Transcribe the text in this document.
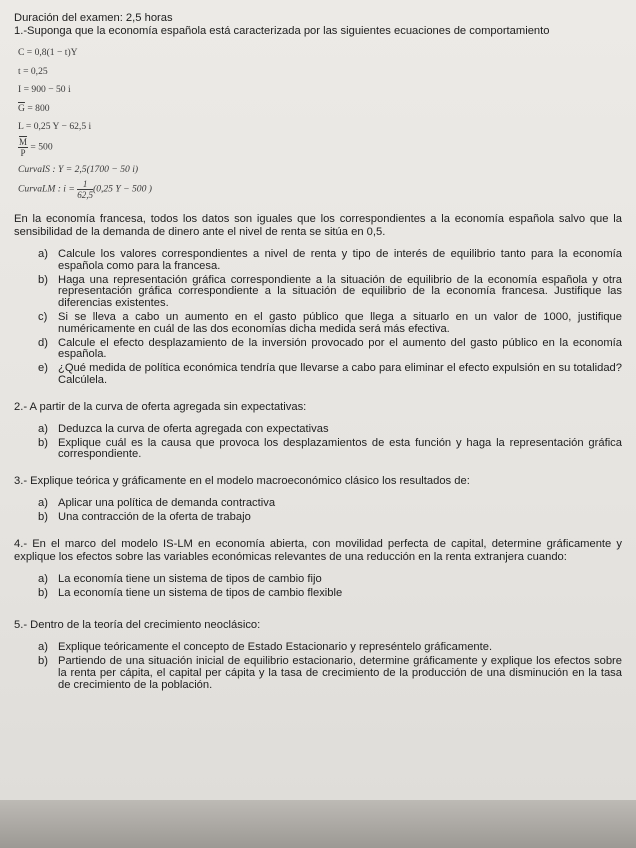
Duración del examen: 2,5 horas
1.-Suponga que la economía española está caracterizada por las siguientes ecuaciones de comportamiento
C = 0,8(1 − t)Y
t = 0,25
I = 900 − 50 i
$\overline{G} = 800$
L = 0,25 Y − 62,5 i
$\frac{\overline{M}}{P} = 500$
CurvaIS : Y = 2,5(1700 − 50 i)
CurvaLM : $i = \frac{1}{62,5} (0,25$ Y − 500 )
En la economía francesa, todos los datos son iguales que los correspondientes a la economía española salvo que la sensibilidad de la demanda de dinero ante el nivel de renta se sitúa en 0,5.
a) Calcule los valores correspondientes a nivel de renta y tipo de interés de equilibrio tanto para la economía española como para la francesa.
b) Haga una representación gráfica correspondiente a la situación de equilibrio de la economía española y otra representación gráfica correspondiente a la situación de equilibrio de la economía francesa. Justifique las diferencias existentes.
c) Si se lleva a cabo un aumento en el gasto público que llega a situarlo en un valor de 1000, justifique numéricamente en cuál de las dos economías dicha medida será más efectiva.
d) Calcule el efecto desplazamiento de la inversión provocado por el aumento del gasto público en la economía española.
e) ¿Qué medida de política económica tendría que llevarse a cabo para eliminar el efecto expulsión en su totalidad? Calcúlela.
2.- A partir de la curva de oferta agregada sin expectativas:
a) Deduzca la curva de oferta agregada con expectativas
b) Explique cuál es la causa que provoca los desplazamientos de esta función y haga la representación gráfica correspondiente.
3.- Explique teórica y gráficamente en el modelo macroeconómico clásico los resultados de:
a) Aplicar una política de demanda contractiva
b) Una contracción de la oferta de trabajo
4.- En el marco del modelo IS-LM en economía abierta, con movilidad perfecta de capital, determine gráficamente y explique los efectos sobre las variables económicas relevantes de una reducción en la renta extranjera cuando:
a) La economía tiene un sistema de tipos de cambio fijo
b) La economía tiene un sistema de tipos de cambio flexible
5.- Dentro de la teoría del crecimiento neoclásico:
a) Explique teóricamente el concepto de Estado Estacionario y represéntelo gráficamente.
b) Partiendo de una situación inicial de equilibrio estacionario, determine gráficamente y explique los efectos sobre la renta per cápita, el capital per cápita y la tasa de crecimiento de la producción de una disminución en la tasa de crecimiento de la población.
